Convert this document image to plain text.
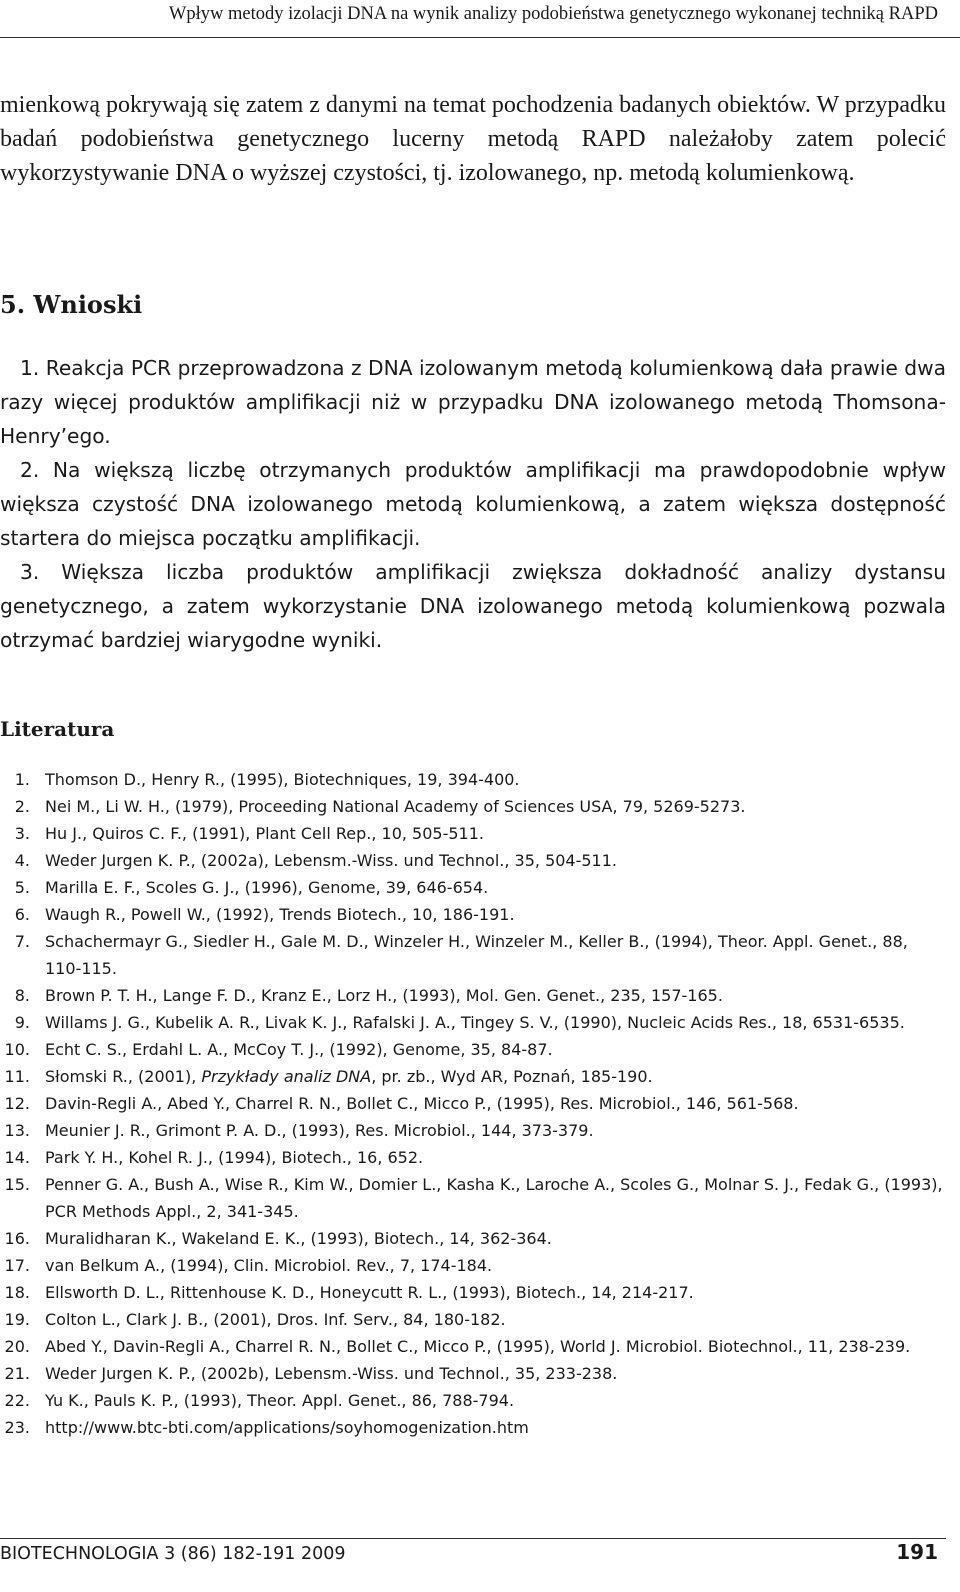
Wpływ metody izolacji DNA na wynik analizy podobieństwa genetycznego wykonanej techniką RAPD

mienkową pokrywają się zatem z danymi na temat pochodzenia badanych obiektów. W przypadku badań podobieństwa genetycznego lucerny metodą RAPD należałoby zatem polecić wykorzystywanie DNA o wyższej czystości, tj. izolowanego, np. metodą kolumienkową.

5. Wnioski

1. Reakcja PCR przeprowadzona z DNA izolowanym metodą kolumienkową dała prawie dwa razy więcej produktów amplifikacji niż w przypadku DNA izolowanego metodą Thomsona-Henry’ego.

2. Na większą liczbę otrzymanych produktów amplifikacji ma prawdopodobnie wpływ większa czystość DNA izolowanego metodą kolumienkową, a zatem większa dostępność startera do miejsca początku amplifikacji.

3. Większa liczba produktów amplifikacji zwiększa dokładność analizy dystansu genetycznego, a zatem wykorzystanie DNA izolowanego metodą kolumienkową pozwala otrzymać bardziej wiarygodne wyniki.

Literatura
1. Thomson D., Henry R., (1995), Biotechniques, 19, 394-400.
2. Nei M., Li W. H., (1979), Proceeding National Academy of Sciences USA, 79, 5269-5273.
3. Hu J., Quiros C. F., (1991), Plant Cell Rep., 10, 505-511.
4. Weder Jurgen K. P., (2002a), Lebensm.-Wiss. und Technol., 35, 504-511.
5. Marilla E. F., Scoles G. J., (1996), Genome, 39, 646-654.
6. Waugh R., Powell W., (1992), Trends Biotech., 10, 186-191.
7. Schachermayr G., Siedler H., Gale M. D., Winzeler H., Winzeler M., Keller B., (1994), Theor. Appl. Genet., 88, 110-115.
8. Brown P. T. H., Lange F. D., Kranz E., Lorz H., (1993), Mol. Gen. Genet., 235, 157-165.
9. Willams J. G., Kubelik A. R., Livak K. J., Rafalski J. A., Tingey S. V., (1990), Nucleic Acids Res., 18, 6531-6535.
10. Echt C. S., Erdahl L. A., McCoy T. J., (1992), Genome, 35, 84-87.
11. Słomski R., (2001), Przykłady analiz DNA, pr. zb., Wyd AR, Poznań, 185-190.
12. Davin-Regli A., Abed Y., Charrel R. N., Bollet C., Micco P., (1995), Res. Microbiol., 146, 561-568.
13. Meunier J. R., Grimont P. A. D., (1993), Res. Microbiol., 144, 373-379.
14. Park Y. H., Kohel R. J., (1994), Biotech., 16, 652.
15. Penner G. A., Bush A., Wise R., Kim W., Domier L., Kasha K., Laroche A., Scoles G., Molnar S. J., Fedak G., (1993), PCR Methods Appl., 2, 341-345.
16. Muralidharan K., Wakeland E. K., (1993), Biotech., 14, 362-364.
17. van Belkum A., (1994), Clin. Microbiol. Rev., 7, 174-184.
18. Ellsworth D. L., Rittenhouse K. D., Honeycutt R. L., (1993), Biotech., 14, 214-217.
19. Colton L., Clark J. B., (2001), Dros. Inf. Serv., 84, 180-182.
20. Abed Y., Davin-Regli A., Charrel R. N., Bollet C., Micco P., (1995), World J. Microbiol. Biotechnol., 11, 238-239.
21. Weder Jurgen K. P., (2002b), Lebensm.-Wiss. und Technol., 35, 233-238.
22. Yu K., Pauls K. P., (1993), Theor. Appl. Genet., 86, 788-794.
23. http://www.btc-bti.com/applications/soyhomogenization.htm
BIOTECHNOLOGIA 3 (86) 182-191 2009	191
